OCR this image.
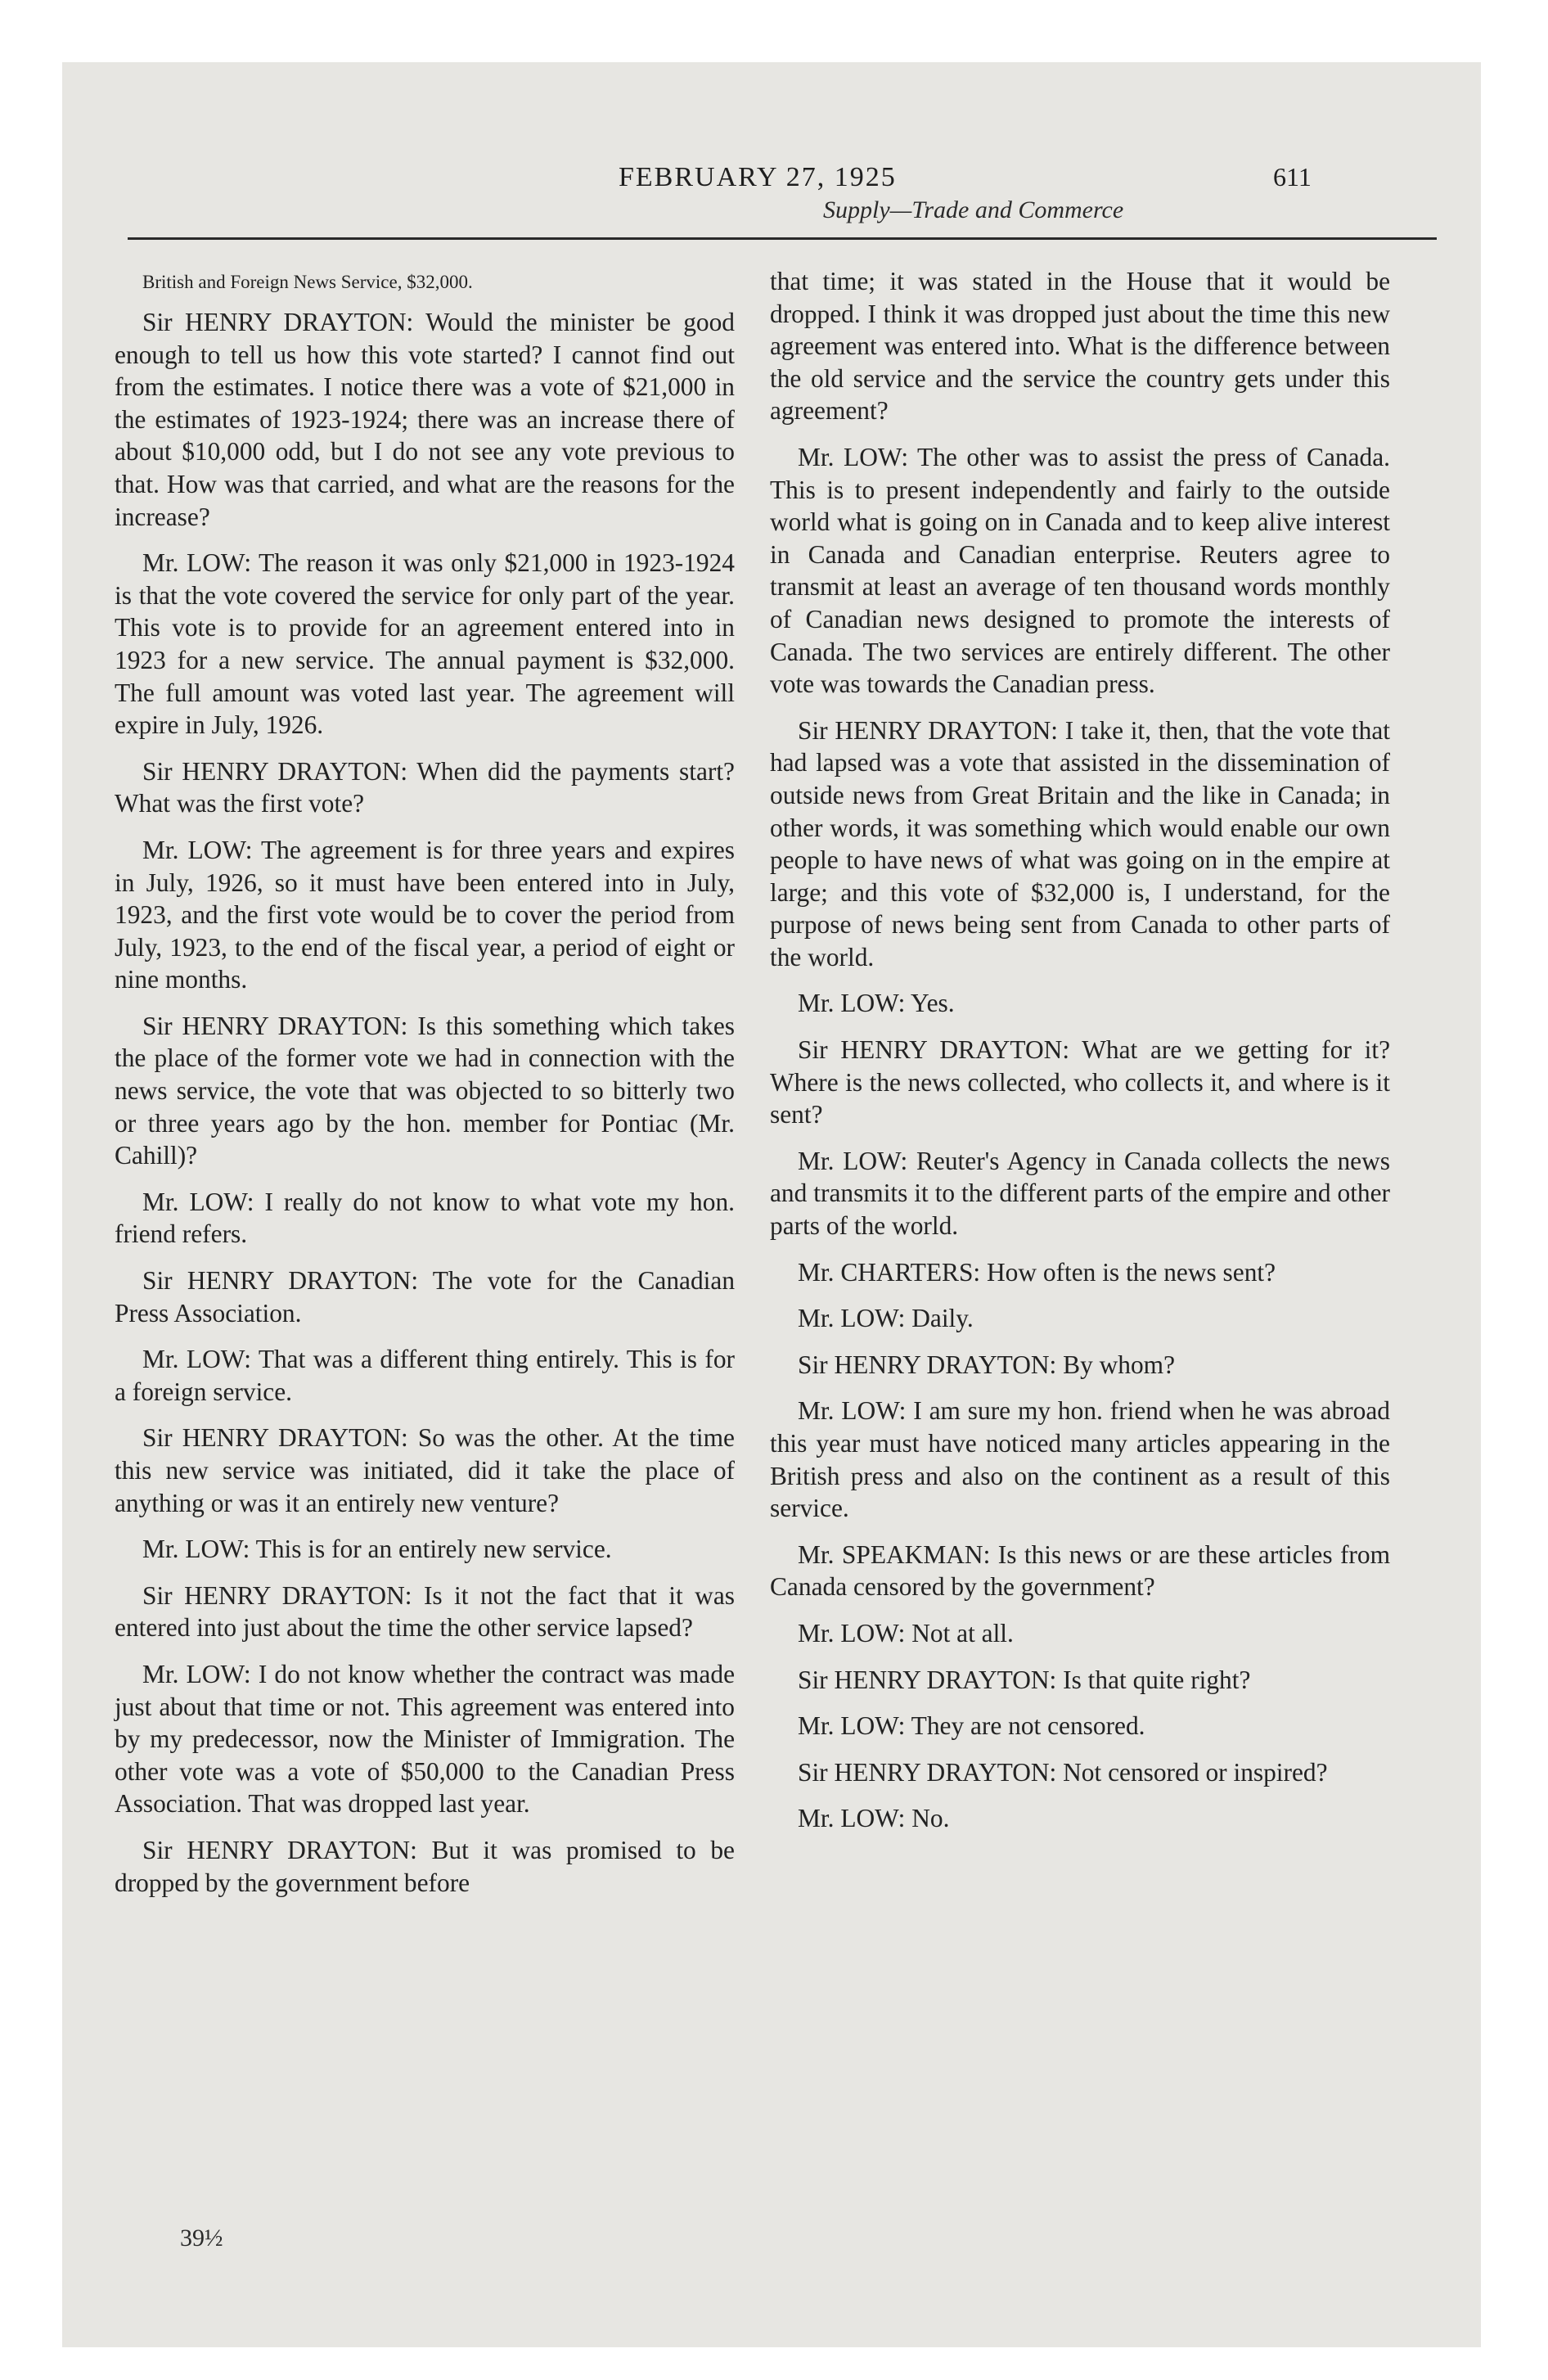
FEBRUARY 27, 1925	611
Supply—Trade and Commerce

British and Foreign News Service, $32,000.

Sir HENRY DRAYTON: Would the minister be good enough to tell us how this vote started? I cannot find out from the estimates. I notice there was a vote of $21,000 in the estimates of 1923-1924; there was an increase there of about $10,000 odd, but I do not see any vote previous to that. How was that carried, and what are the reasons for the increase?

Mr. LOW: The reason it was only $21,000 in 1923-1924 is that the vote covered the service for only part of the year. This vote is to provide for an agreement entered into in 1923 for a new service. The annual payment is $32,000. The full amount was voted last year. The agreement will expire in July, 1926.

Sir HENRY DRAYTON: When did the payments start? What was the first vote?

Mr. LOW: The agreement is for three years and expires in July, 1926, so it must have been entered into in July, 1923, and the first vote would be to cover the period from July, 1923, to the end of the fiscal year, a period of eight or nine months.

Sir HENRY DRAYTON: Is this something which takes the place of the former vote we had in connection with the news service, the vote that was objected to so bitterly two or three years ago by the hon. member for Pontiac (Mr. Cahill)?

Mr. LOW: I really do not know to what vote my hon. friend refers.

Sir HENRY DRAYTON: The vote for the Canadian Press Association.

Mr. LOW: That was a different thing entirely. This is for a foreign service.

Sir HENRY DRAYTON: So was the other. At the time this new service was initiated, did it take the place of anything or was it an entirely new venture?

Mr. LOW: This is for an entirely new service.

Sir HENRY DRAYTON: Is it not the fact that it was entered into just about the time the other service lapsed?

Mr. LOW: I do not know whether the contract was made just about that time or not. This agreement was entered into by my predecessor, now the Minister of Immigration. The other vote was a vote of $50,000 to the Canadian Press Association. That was dropped last year.

Sir HENRY DRAYTON: But it was promised to be dropped by the government before

that time; it was stated in the House that it would be dropped. I think it was dropped just about the time this new agreement was entered into. What is the difference between the old service and the service the country gets under this agreement?

Mr. LOW: The other was to assist the press of Canada. This is to present independently and fairly to the outside world what is going on in Canada and to keep alive interest in Canada and Canadian enterprise. Reuters agree to transmit at least an average of ten thousand words monthly of Canadian news designed to promote the interests of Canada. The two services are entirely different. The other vote was towards the Canadian press.

Sir HENRY DRAYTON: I take it, then, that the vote that had lapsed was a vote that assisted in the dissemination of outside news from Great Britain and the like in Canada; in other words, it was something which would enable our own people to have news of what was going on in the empire at large; and this vote of $32,000 is, I understand, for the purpose of news being sent from Canada to other parts of the world.

Mr. LOW: Yes.

Sir HENRY DRAYTON: What are we getting for it? Where is the news collected, who collects it, and where is it sent?

Mr. LOW: Reuter's Agency in Canada collects the news and transmits it to the different parts of the empire and other parts of the world.

Mr. CHARTERS: How often is the news sent?

Mr. LOW: Daily.

Sir HENRY DRAYTON: By whom?

Mr. LOW: I am sure my hon. friend when he was abroad this year must have noticed many articles appearing in the British press and also on the continent as a result of this service.

Mr. SPEAKMAN: Is this news or are these articles from Canada censored by the government?

Mr. LOW: Not at all.

Sir HENRY DRAYTON: Is that quite right?

Mr. LOW: They are not censored.

Sir HENRY DRAYTON: Not censored or inspired?

Mr. LOW: No.

39½
